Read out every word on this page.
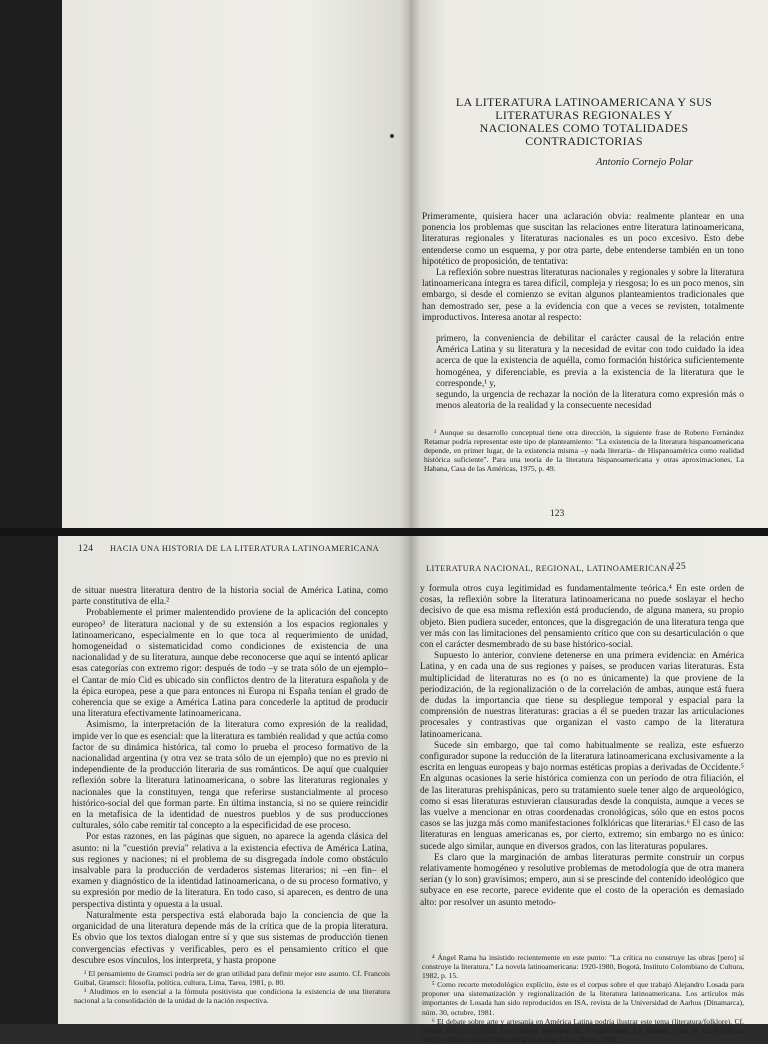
LA LITERATURA LATINOAMERICANA Y SUS
LITERATURAS REGIONALES Y
NACIONALES COMO TOTALIDADES
CONTRADICTORIAS
Antonio Cornejo Polar

Primeramente, quisiera hacer una aclaración obvia: realmente plantear en una ponencia los problemas que suscitan las relaciones entre literatura latinoamericana, literaturas regionales y literaturas nacionales es un poco excesivo. Esto debe entenderse como un esquema, y por otra parte, debe entenderse también en un tono hipotético de proposición, de tentativa:

La reflexión sobre nuestras literaturas nacionales y regionales y sobre la literatura latinoamericana íntegra es tarea difícil, compleja y riesgosa; lo es un poco menos, sin embargo, si desde el comienzo se evitan algunos planteamientos tradicionales que han demostrado ser, pese a la evidencia con que a veces se revisten, totalmente improductivos. Interesa anotar al respecto:

primero, la conveniencia de debilitar el carácter causal de la relación entre América Latina y su literatura y la necesidad de evitar con todo cuidado la idea acerca de que la existencia de aquélla, como formación histórica suficientemente homogénea, y diferenciable, es previa a la existencia de la literatura que le corresponde,¹ y,

segundo, la urgencia de rechazar la noción de la literatura como expresión más o menos aleatoria de la realidad y la consecuente necesidad

¹ Aunque su desarrollo conceptual tiene otra dirección, la siguiente frase de Roberto Fernández Retamar podría representar este tipo de planteamiento: "La existencia de la literatura hispanoamericana depende, en primer lugar, de la existencia misma –y nada literaria– de Hispanoamérica como realidad histórica suficiente". Para una teoría de la literatura hispanoamericana y otras aproximaciones, La Habana, Casa de las Américas, 1975, p. 49.

123
124 HACIA UNA HISTORIA DE LA LITERATURA LATINOAMERICANA

de situar nuestra literatura dentro de la historia social de América Latina, como parte constitutiva de ella.²

Probablemente el primer malentendido proviene de la aplicación del concepto europeo³ de literatura nacional y de su extensión a los espacios regionales y latinoamericano, especialmente en lo que toca al requerimiento de unidad, homogeneidad o sistematicidad como condiciones de existencia de una nacionalidad y de su literatura, aunque debe reconocerse que aquí se intentó aplicar esas categorías con extremo rigor: después de todo –y se trata sólo de un ejemplo– el Cantar de mío Cid es ubicado sin conflictos dentro de la literatura española y de la épica europea, pese a que para entonces ni Europa ni España tenían el grado de coherencia que se exige a América Latina para concederle la aptitud de producir una literatura efectivamente latinoamericana.

Asimismo, la interpretación de la literatura como expresión de la realidad, impide ver lo que es esencial: que la literatura es también realidad y que actúa como factor de su dinámica histórica, tal como lo prueba el proceso formativo de la nacionalidad argentina (y otra vez se trata sólo de un ejemplo) que no es previo ni independiente de la producción literaria de sus románticos. De aquí que cualquier reflexión sobre la literatura latinoamericana, o sobre las literaturas regionales y nacionales que la constituyen, tenga que referirse sustancialmente al proceso histórico-social del que forman parte. En última instancia, si no se quiere reincidir en la metafísica de la identidad de nuestros pueblos y de sus producciones culturales, sólo cabe remitir tal concepto a la especificidad de ese proceso.

Por estas razones, en las páginas que siguen, no aparece la agenda clásica del asunto: ni la "cuestión previa" relativa a la existencia efectiva de América Latina, sus regiones y naciones; ni el problema de su disgregada índole como obstáculo insalvable para la producción de verdaderos sistemas literarios; ni –en fin– el examen y diagnóstico de la identidad latinoamericana, o de su proceso formativo, y su expresión por medio de la literatura. En todo caso, si aparecen, es dentro de una perspectiva distinta y opuesta a la usual.

Naturalmente esta perspectiva está elaborada bajo la conciencia de que la organicidad de una literatura depende más de la crítica que de la propia literatura. Es obvio que los textos dialogan entre sí y que sus sistemas de producción tienen convergencias efectivas y verificables, pero es el pensamiento crítico el que descubre esos vínculos, los interpreta, y hasta propone

² El pensamiento de Gramsci podría ser de gran utilidad para definir mejor este asunto. Cf. Francois Guibal, Gramsci: filosofía, política, cultura, Lima, Tarea, 1981, p. 80.

³ Aludimos en lo esencial a la fórmula positivista que condiciona la existencia de una literatura nacional a la consolidación de la unidad de la nación respectiva.

LITERATURA NACIONAL, REGIONAL, LATINOAMERICANA
125

y formula otros cuya legitimidad es fundamentalmente teórica.⁴ En este orden de cosas, la reflexión sobre la literatura latinoamericana no puede soslayar el hecho decisivo de que esa misma reflexión está produciendo, de alguna manera, su propio objeto. Bien pudiera suceder, entonces, que la disgregación de una literatura tenga que ver más con las limitaciones del pensamiento crítico que con su desarticulación o que con el carácter desmembrado de su base histórico-social.

Supuesto lo anterior, conviene detenerse en una primera evidencia: en América Latina, y en cada una de sus regiones y países, se producen varias literaturas. Esta multiplicidad de literaturas no es (o no es únicamente) la que proviene de la periodización, de la regionalización o de la correlación de ambas, aunque está fuera de dudas la importancia que tiene su despliegue temporal y espacial para la comprensión de nuestras literaturas: gracias a él se pueden trazar las articulaciones procesales y contrastivas que organizan el vasto campo de la literatura latinoamericana.

Sucede sin embargo, que tal como habitualmente se realiza, este esfuerzo configurador supone la reducción de la literatura latinoamericana exclusivamente a la escrita en lenguas europeas y bajo normas estéticas propias a derivadas de Occidente.⁵ En algunas ocasiones la serie histórica comienza con un período de otra filiación, el de las literaturas prehispánicas, pero su tratamiento suele tener algo de arqueológico, como si esas literaturas estuvieran clausuradas desde la conquista, aunque a veces se las vuelve a mencionar en otras coordenadas cronológicas, sólo que en estos pocos casos se las juzga más como manifestaciones folklóricas que literarias.⁶ El caso de las literaturas en lenguas americanas es, por cierto, extremo; sin embargo no es único: sucede algo similar, aunque en diversos grados, con las literaturas populares.

Es claro que la marginación de ambas literaturas permite construir un corpus relativamente homogéneo y resolutive problemas de metodología que de otra manera serían (y lo son) gravísimos; empero, aun si se prescinde del contenido ideológico que subyace en ese recorte, parece evidente que el costo de la operación es demasiado alto: por resolver un asunto metodo-

⁴ Ángel Rama ha insistido recientemente en este punto: "La crítica no construye las obras [pero] sí construye la literatura." La novela latinoamericana: 1920-1980, Bogotá, Instituto Colombiano de Cultura, 1982, p. 15.

⁵ Como recorte metodológico explícito, éste es el corpus sobre el que trabajó Alejandro Losada para proponer una sistematización y regionalización de la literatura latinoamericana. Los artículos más importantes de Losada han sido reproducidos en ISA, revista de la Universidad de Aarhus (Dinamarca), núm. 30, octubre, 1981.

⁶ El debate sobre arte y artesanía en América Latina podría ilustrar este tema (literatura/folklore). Cf. Néstor García Canclini: Las culturas populares en el capitalismo, La Habana, Casa de las Américas, 1981; y Mirko Lauer: Crítica de la artesanía, Lima, Desco, 1982.
